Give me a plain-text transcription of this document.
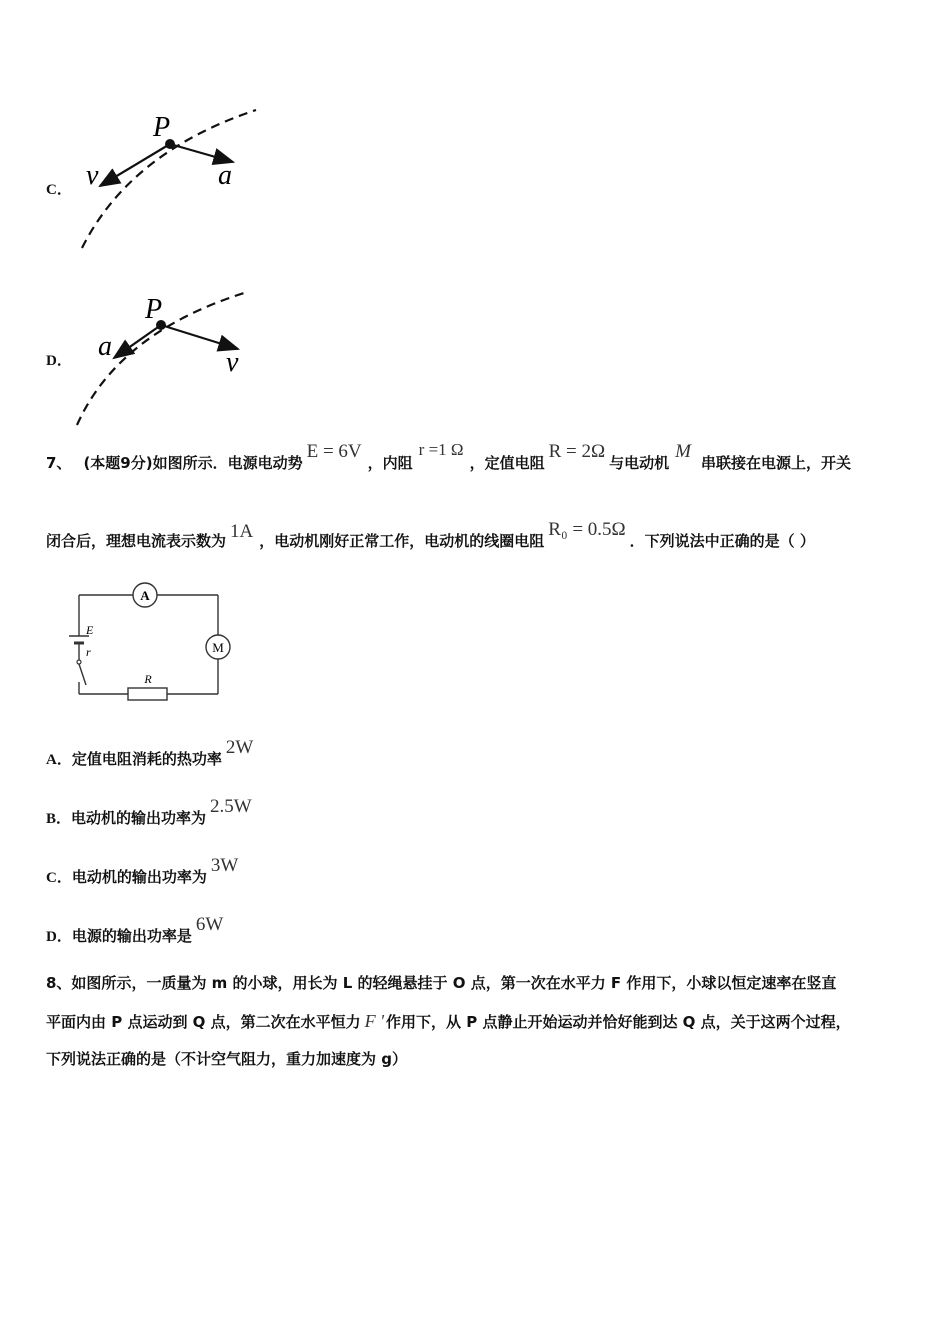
C．
P
v	a
D．
P
a
v
7、 (本题9分) 如图所示．电源电动势
E = 6V
，内阻
r =1 Ω
，定值电阻
R = 2Ω
与电动机
M
串联接在电源上，开关
闭合后，理想电流表示数为 1A ，电动机刚好正常工作，电动机的线圈电阻
R₀ = 0.5Ω
．下列说法中正确的是（ ）
A
M
E
r
R
A． 定值电阻消耗的热功率
2W
B． 电动机的输出功率为
2.5W
C． 电动机的输出功率为
3W
D． 电源的输出功率是
6W
8、如图所示，一质量为 m 的小球，用长为 L 的轻绳悬挂于 O 点，第一次在水平力 F 作用下，小球以恒定速率在竖直
平面内由 P 点运动到 Q 点，第二次在水平恒力 F ' 作用下，从 P 点静止开始运动并恰好能到达 Q 点，关于这两个过程，
下列说法正确的是（不计空气阻力，重力加速度为 g）
